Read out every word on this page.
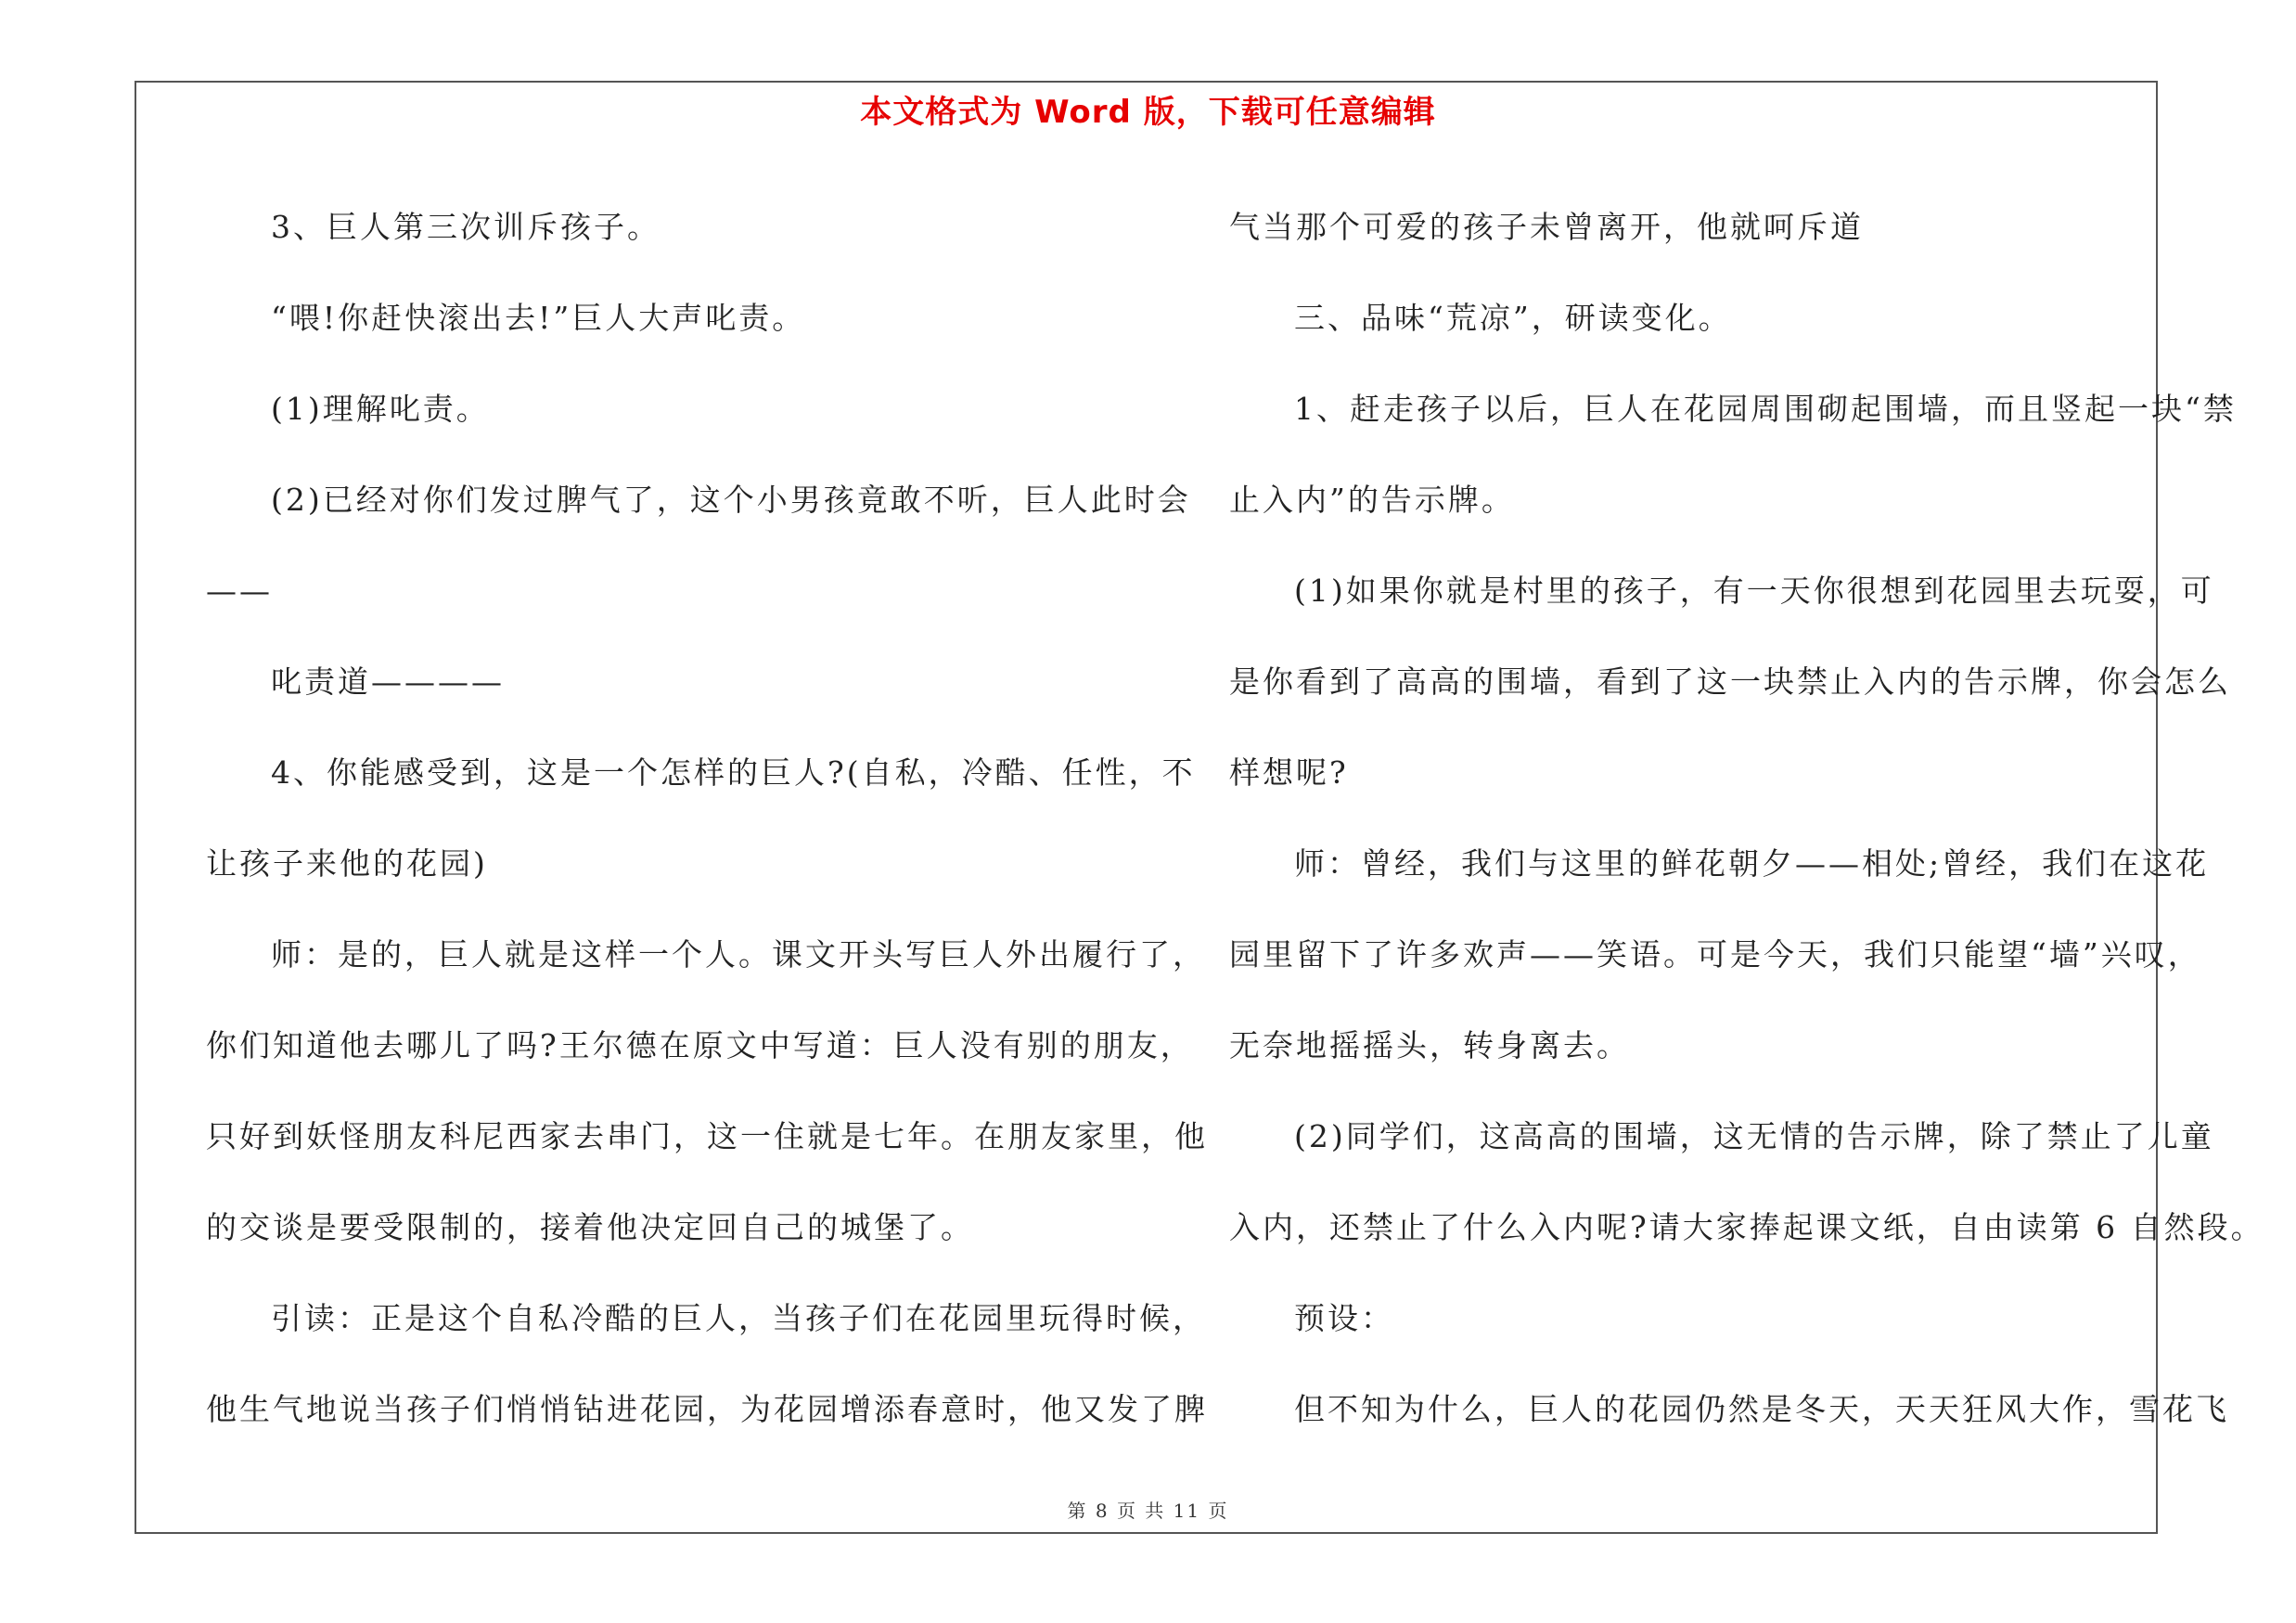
本文格式为 Word 版，下载可任意编辑

3、巨人第三次训斥孩子。

“喂!你赶快滚出去!”巨人大声叱责。

(1)理解叱责。

(2)已经对你们发过脾气了，这个小男孩竟敢不听，巨人此时会

——

叱责道————

4、你能感受到，这是一个怎样的巨人?(自私，冷酷、任性，不

让孩子来他的花园)

师：是的，巨人就是这样一个人。课文开头写巨人外出履行了，

你们知道他去哪儿了吗?王尔德在原文中写道：巨人没有别的朋友，

只好到妖怪朋友科尼西家去串门，这一住就是七年。在朋友家里，他

的交谈是要受限制的，接着他决定回自己的城堡了。

引读：正是这个自私冷酷的巨人，当孩子们在花园里玩得时候，

他生气地说当孩子们悄悄钻进花园，为花园增添春意时，他又发了脾

气当那个可爱的孩子未曾离开，他就呵斥道

三、品味“荒凉”，研读变化。

1、赶走孩子以后，巨人在花园周围砌起围墙，而且竖起一块“禁

止入内”的告示牌。

(1)如果你就是村里的孩子，有一天你很想到花园里去玩耍，可

是你看到了高高的围墙，看到了这一块禁止入内的告示牌，你会怎么

样想呢?

师：曾经，我们与这里的鲜花朝夕——相处;曾经，我们在这花

园里留下了许多欢声——笑语。可是今天，我们只能望“墙”兴叹，

无奈地摇摇头，转身离去。

(2)同学们，这高高的围墙，这无情的告示牌，除了禁止了儿童

入内，还禁止了什么入内呢?请大家捧起课文纸，自由读第 6 自然段。

预设：

但不知为什么，巨人的花园仍然是冬天，天天狂风大作，雪花飞

第 8 页 共 11 页
